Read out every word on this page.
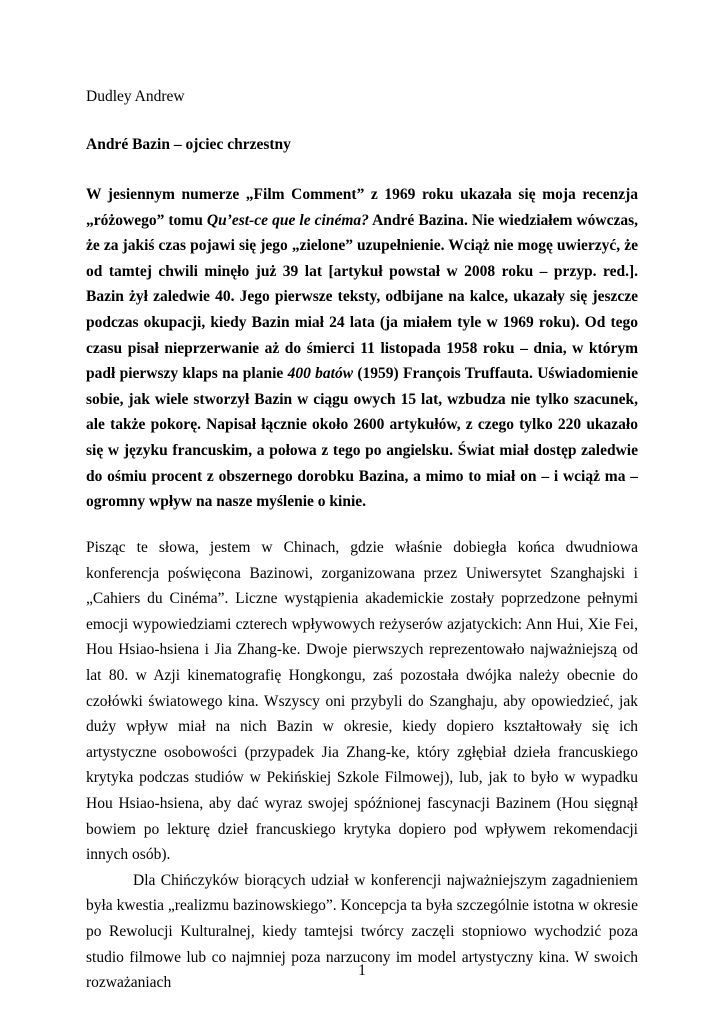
Dudley Andrew
André Bazin – ojciec chrzestny
W jesiennym numerze „Film Comment” z 1969 roku ukazała się moja recenzja „różowego” tomu Qu’est-ce que le cinéma? André Bazina. Nie wiedziałem wówczas, że za jakiś czas pojawi się jego „zielone” uzupełnienie. Wciąż nie mogę uwierzyć, że od tamtej chwili minęło już 39 lat [artykuł powstał w 2008 roku – przyp. red.]. Bazin żył zaledwie 40. Jego pierwsze teksty, odbijane na kalce, ukazały się jeszcze podczas okupacji, kiedy Bazin miał 24 lata (ja miałem tyle w 1969 roku). Od tego czasu pisał nieprzerwanie aż do śmierci 11 listopada 1958 roku – dnia, w którym padł pierwszy klaps na planie 400 batów (1959) François Truffauta. Uświadomienie sobie, jak wiele stworzył Bazin w ciągu owych 15 lat, wzbudza nie tylko szacunek, ale także pokorę. Napisał łącznie około 2600 artykułów, z czego tylko 220 ukazało się w języku francuskim, a połowa z tego po angielsku. Świat miał dostęp zaledwie do ośmiu procent z obszernego dorobku Bazina, a mimo to miał on – i wciąż ma – ogromny wpływ na nasze myślenie o kinie.

Pisząc te słowa, jestem w Chinach, gdzie właśnie dobiegła końca dwudniowa konferencja poświęcona Bazinowi, zorganizowana przez Uniwersytet Szanghajski i „Cahiers du Cinéma”. Liczne wystąpienia akademickie zostały poprzedzone pełnymi emocji wypowiedziami czterech wpływowych reżyserów azjatyckich: Ann Hui, Xie Fei, Hou Hsiao-hsiena i Jia Zhang-ke. Dwoje pierwszych reprezentowało najważniejszą od lat 80. w Azji kinematografię Hongkongu, zaś pozostała dwójka należy obecnie do czołówki światowego kina. Wszyscy oni przybyli do Szanghaju, aby opowiedzieć, jak duży wpływ miał na nich Bazin w okresie, kiedy dopiero kształtowały się ich artystyczne osobowości (przypadek Jia Zhang-ke, który zgłębiał dzieła francuskiego krytyka podczas studiów w Pekińskiej Szkole Filmowej), lub, jak to było w wypadku Hou Hsiao-hsiena, aby dać wyraz swojej spóźnionej fascynacji Bazinem (Hou sięgnął bowiem po lekturę dzieł francuskiego krytyka dopiero pod wpływem rekomendacji innych osób).

Dla Chińczyków biorących udział w konferencji najważniejszym zagadnieniem była kwestia „realizmu bazinowskiego”. Koncepcja ta była szczególnie istotna w okresie po Rewolucji Kulturalnej, kiedy tamtejsi twórcy zaczęli stopniowo wychodzić poza studio filmowe lub co najmniej poza narzucony im model artystyczny kina. W swoich rozważaniach

1
